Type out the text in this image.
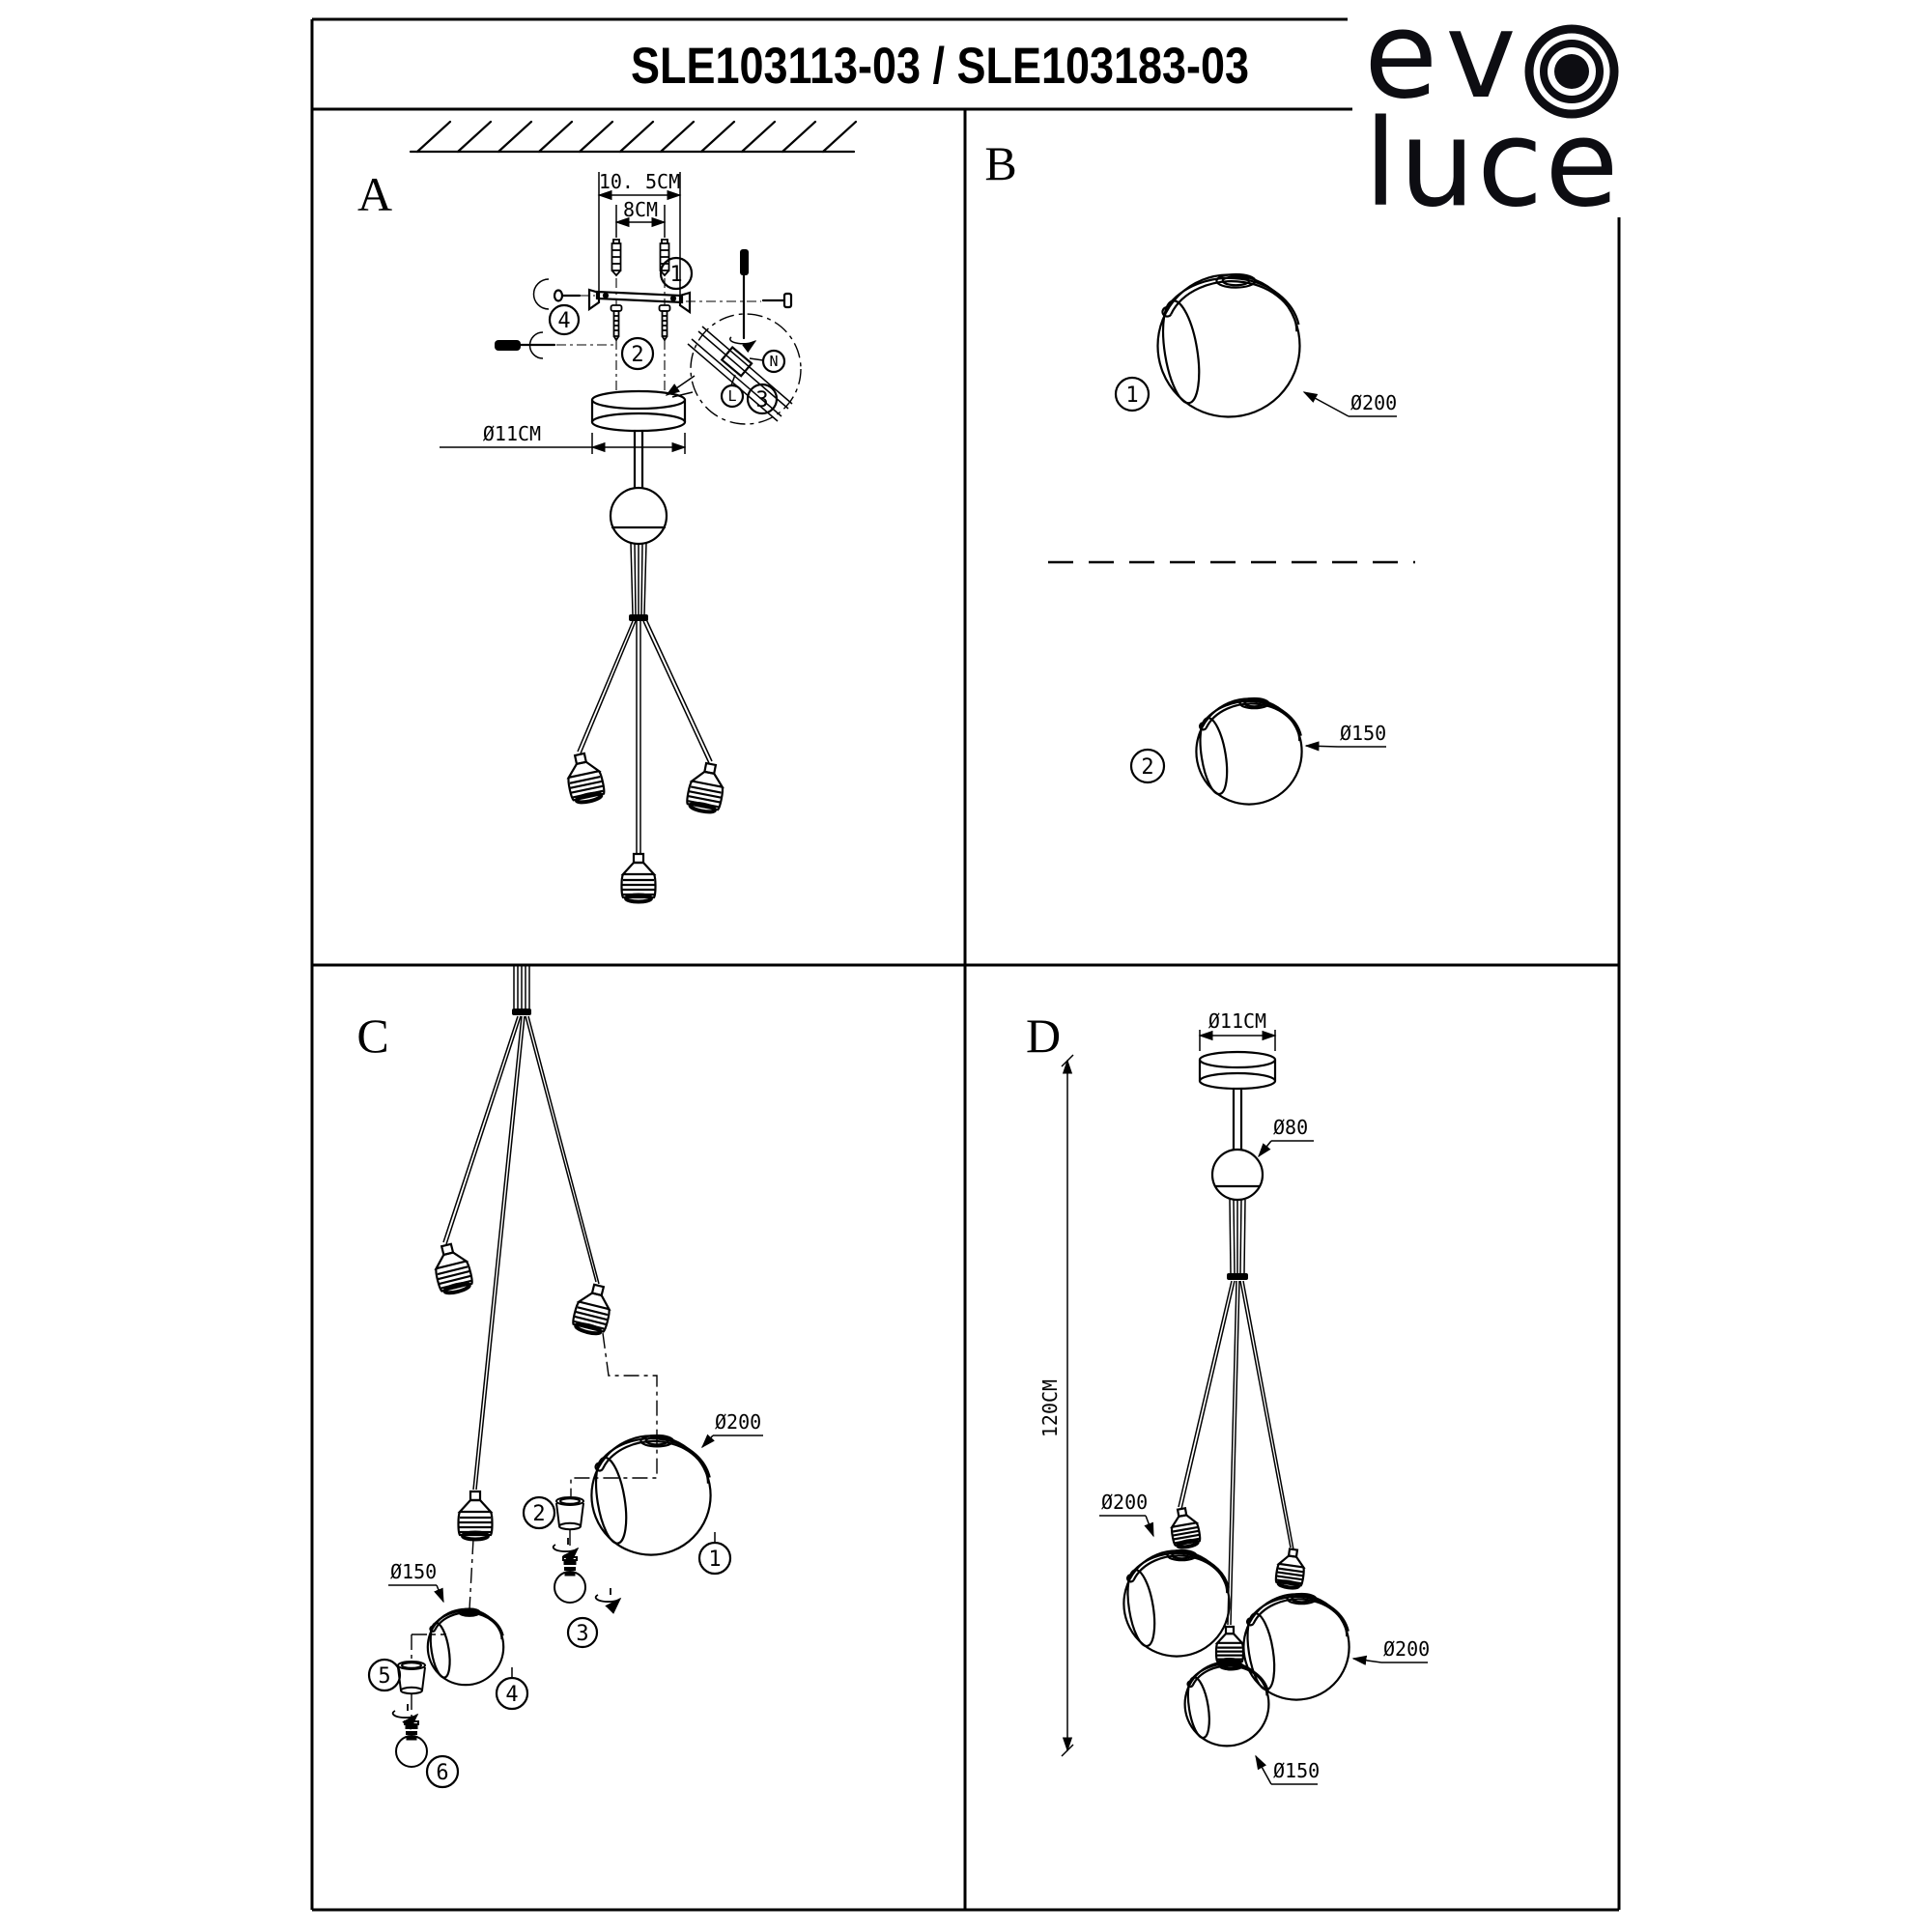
SLE103113-03 / SLE103183-03 ev
luce
A	10. 5CM
8CM
1
4
2
Ø11CM
N
L 3
B
1	Ø200
2
Ø150
C
Ø200
1
2
3
Ø150
4
5
6
D	Ø11CM
Ø80
120CM
Ø200
Ø200
Ø150
